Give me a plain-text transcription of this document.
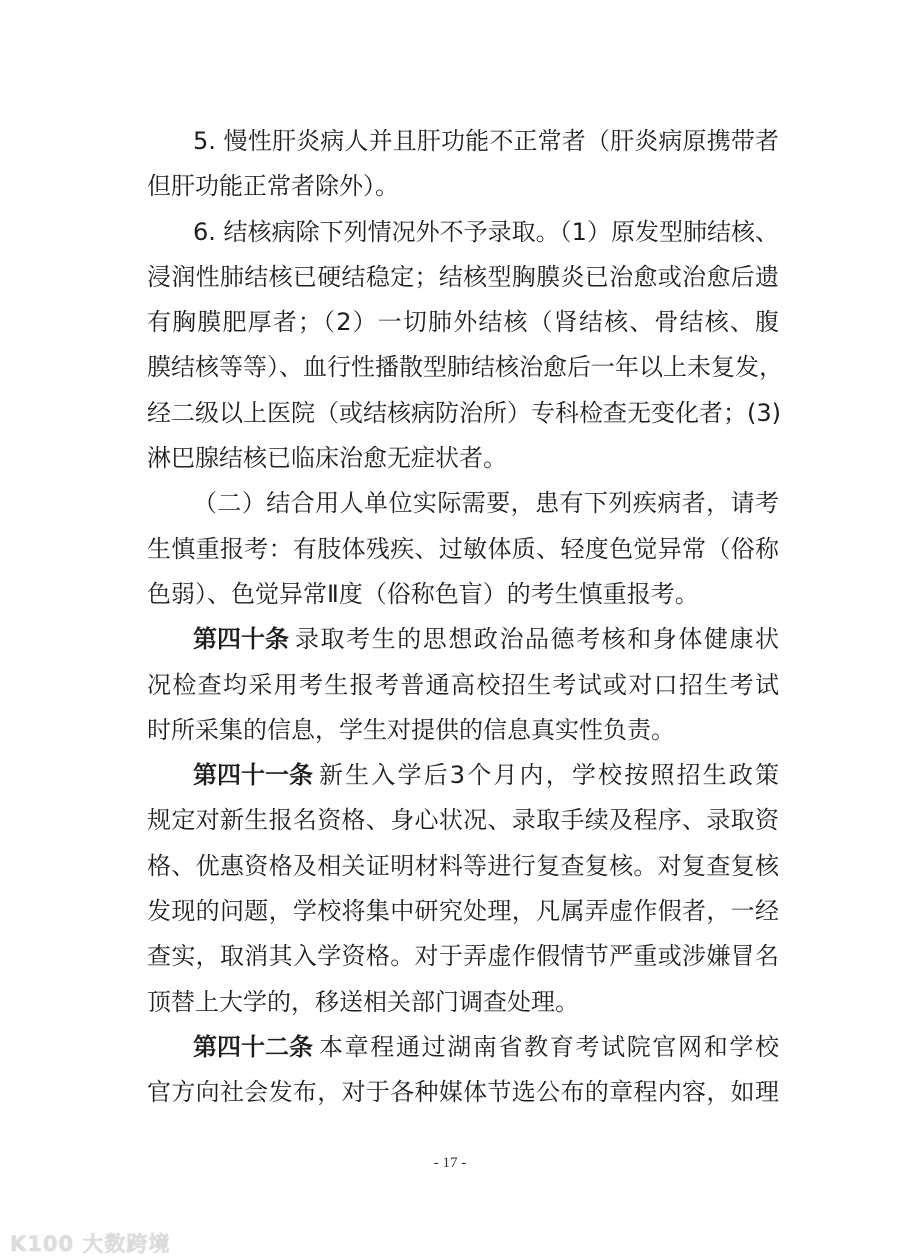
5. 慢性肝炎病人并且肝功能不正常者（肝炎病原携带者
但肝功能正常者除外）。
6. 结核病除下列情况外不予录取。（1）原发型肺结核、
浸润性肺结核已硬结稳定；结核型胸膜炎已治愈或治愈后遗
有胸膜肥厚者；（2）一切肺外结核（肾结核、骨结核、腹
膜结核等等）、血行性播散型肺结核治愈后一年以上未复发，
经二级以上医院（或结核病防治所）专科检查无变化者；(3)
淋巴腺结核已临床治愈无症状者。
（二）结合用人单位实际需要，患有下列疾病者，请考
生慎重报考：有肢体残疾、过敏体质、轻度色觉异常（俗称
色弱）、色觉异常Ⅱ度（俗称色盲）的考生慎重报考。
第四十条 录取考生的思想政治品德考核和身体健康状
况检查均采用考生报考普通高校招生考试或对口招生考试
时所采集的信息，学生对提供的信息真实性负责。
第四十一条 新生入学后3个月内，学校按照招生政策
规定对新生报名资格、身心状况、录取手续及程序、录取资
格、优惠资格及相关证明材料等进行复查复核。对复查复核
发现的问题，学校将集中研究处理，凡属弄虚作假者，一经
查实，取消其入学资格。对于弄虚作假情节严重或涉嫌冒名
顶替上大学的，移送相关部门调查处理。
第四十二条 本章程通过湖南省教育考试院官网和学校
官方向社会发布，对于各种媒体节选公布的章程内容，如理
- 17 -
K100 大数跨境
